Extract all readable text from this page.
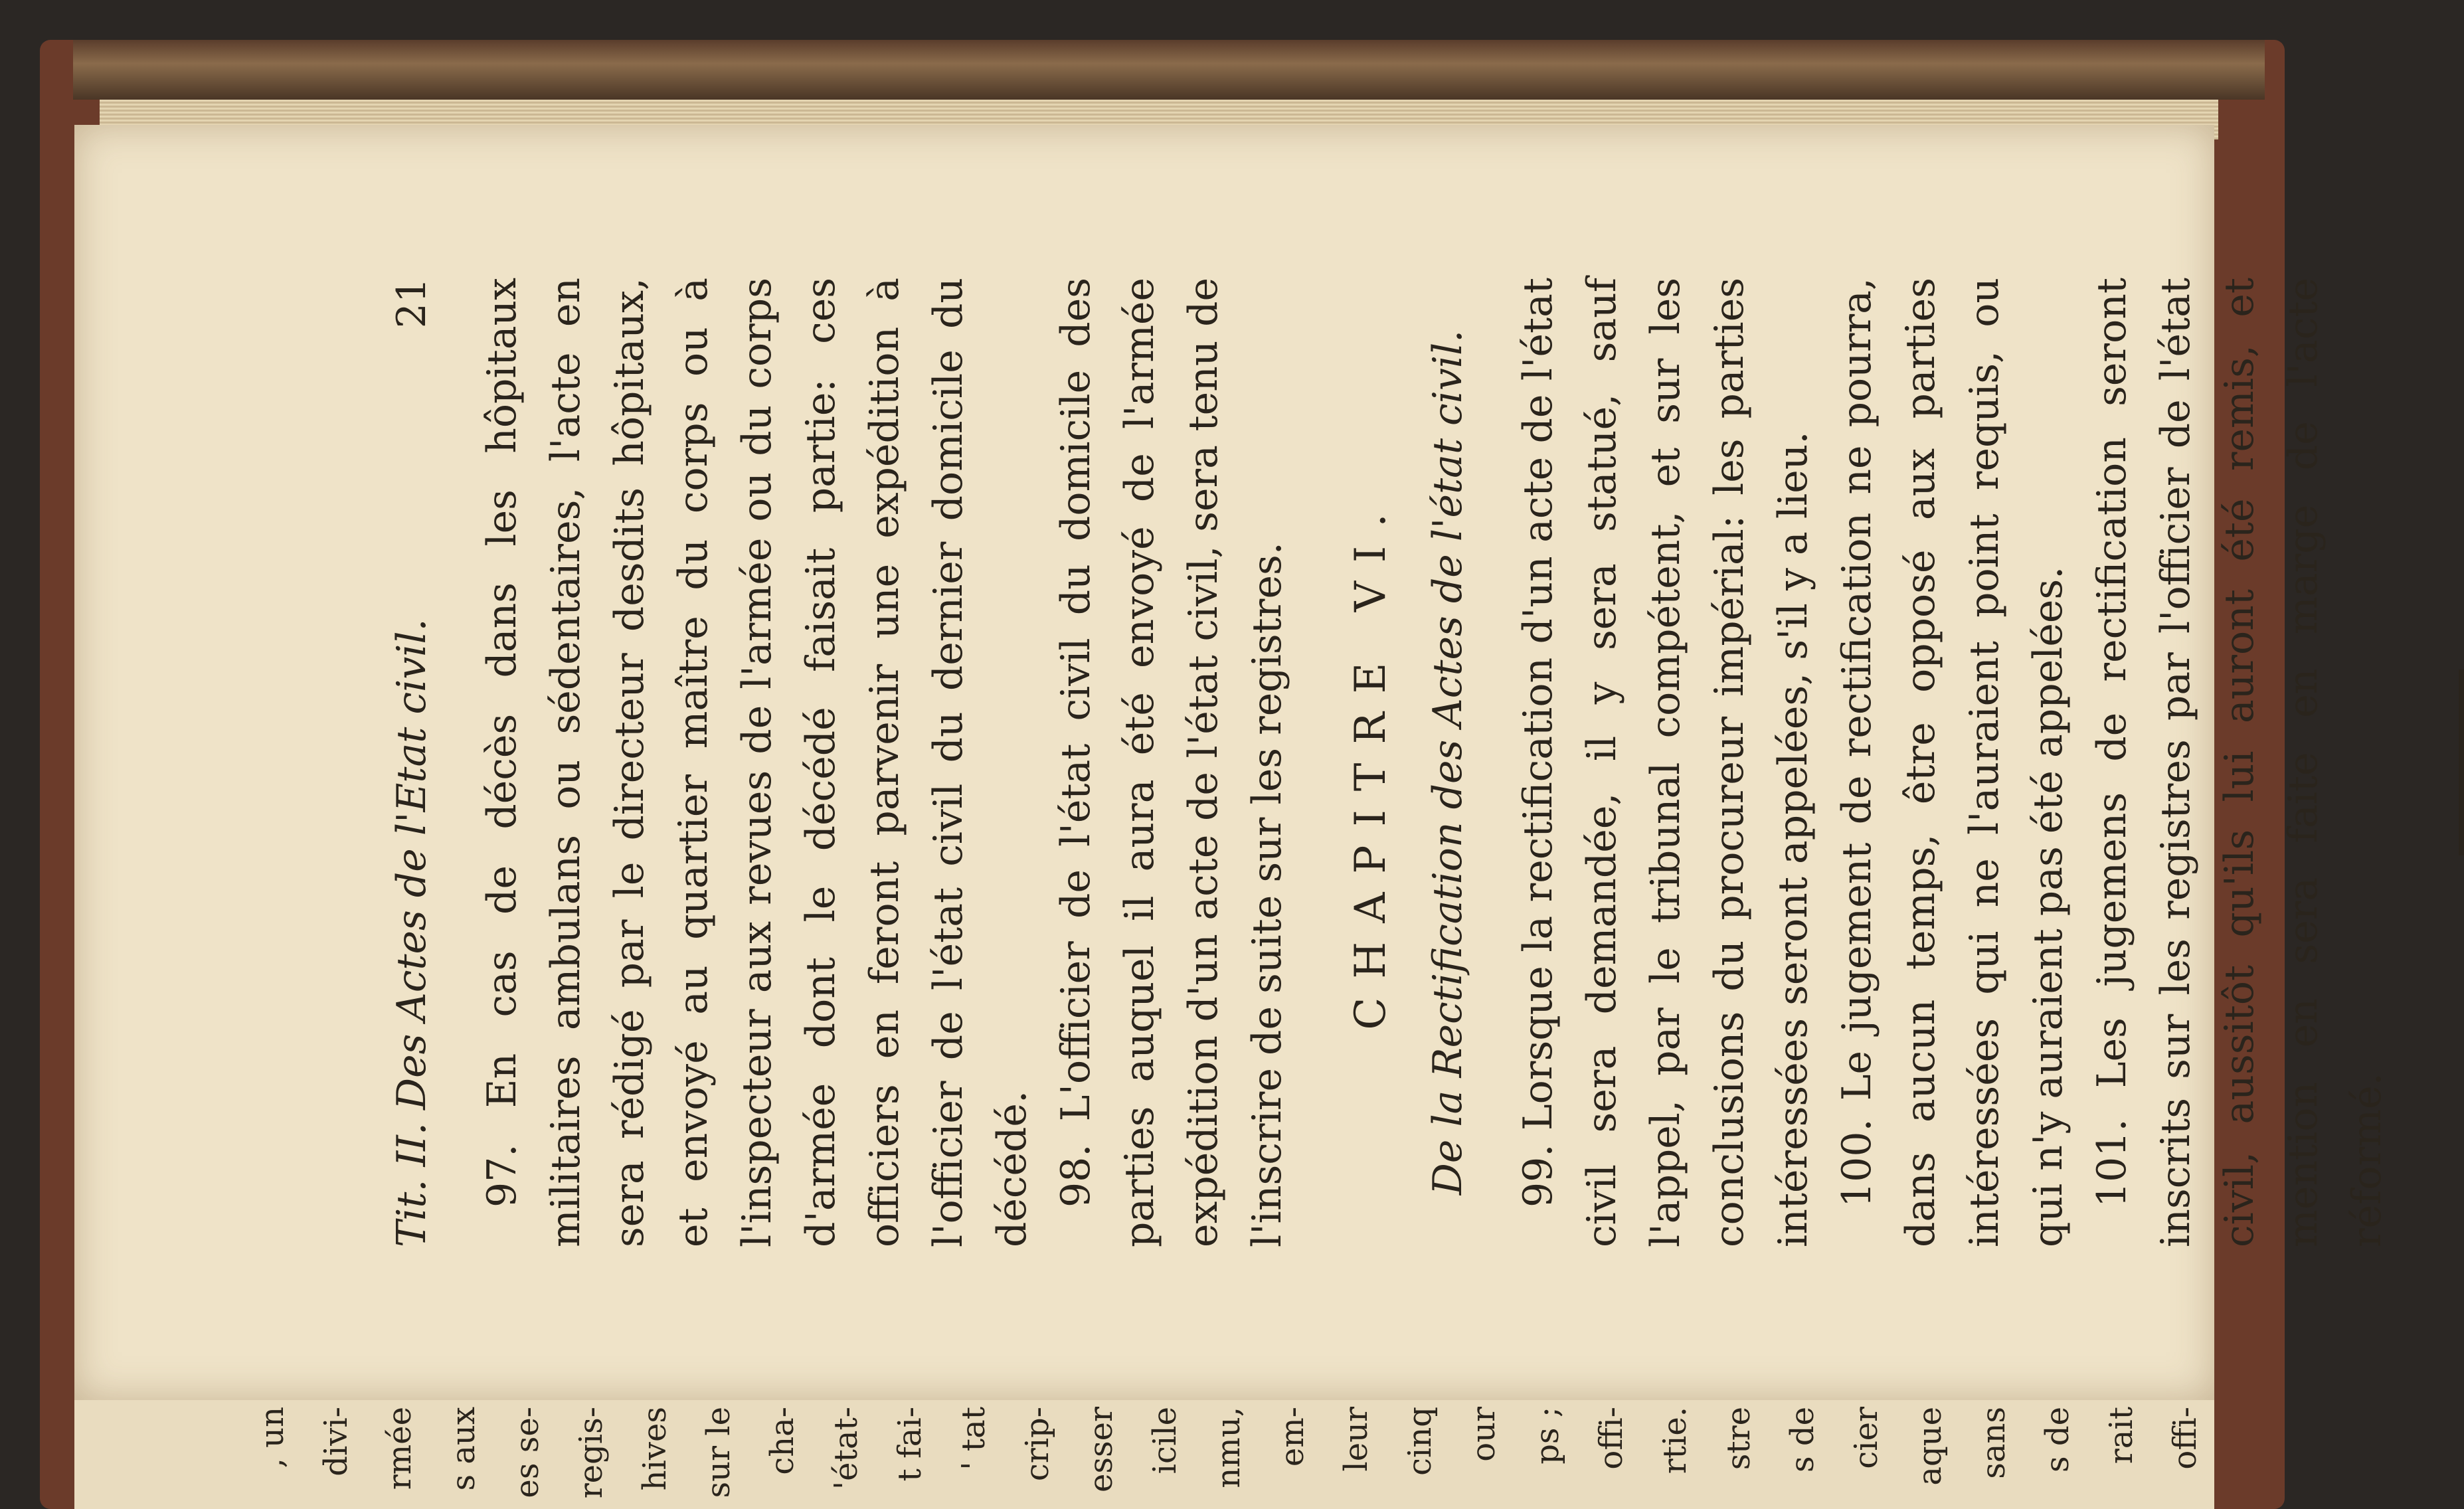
Tit. II. Des Actes de l'Etat civil.
21 97. En cas de décès dans les hôpitaux militaires ambulans ou sédentaires, l'acte en sera rédigé par le directeur desdits hôpitaux, et envoyé au quartier maître du corps ou à l'inspecteur aux revues de l'armée ou du corps d'armée dont le décédé faisait partie: ces officiers en feront parvenir une expédition à l'officier de l'état civil du dernier domicile du décédé. 98. L'officier de l'état civil du domicile des parties auquel il aura été envoyé de l'armée expédition d'un acte de l'état civil, sera tenu de l'inscrire de suite sur les registres. CHAPITRE VI. De la Rectification des Actes de l'état civil. 99. Lorsque la rectification d'un acte de l'état civil sera demandée, il y sera statué, sauf l'appel, par le tribunal compétent, et sur les conclusions du procureur impérial: les parties intéressées seront appelées, s'il y a lieu. 100. Le jugement de rectification ne pourra, dans aucun temps, être opposé aux parties intéressées qui ne l'auraient point requis, ou qui n'y auraient pas été appelées. 101. Les jugemens de rectification seront inscrits sur les registres par l'officier de l'état civil, aussitôt qu'ils lui auront été remis, et mention en sera faite en marge de l'acte réformé.

, un divi- rmée s aux es se- regis- hives sur le cha- 'état- t fai- ' tat crip- esser icile nmu, em- leur cinq our ps ; offi- rtie. stre s de cier aque sans s de rait offi-
